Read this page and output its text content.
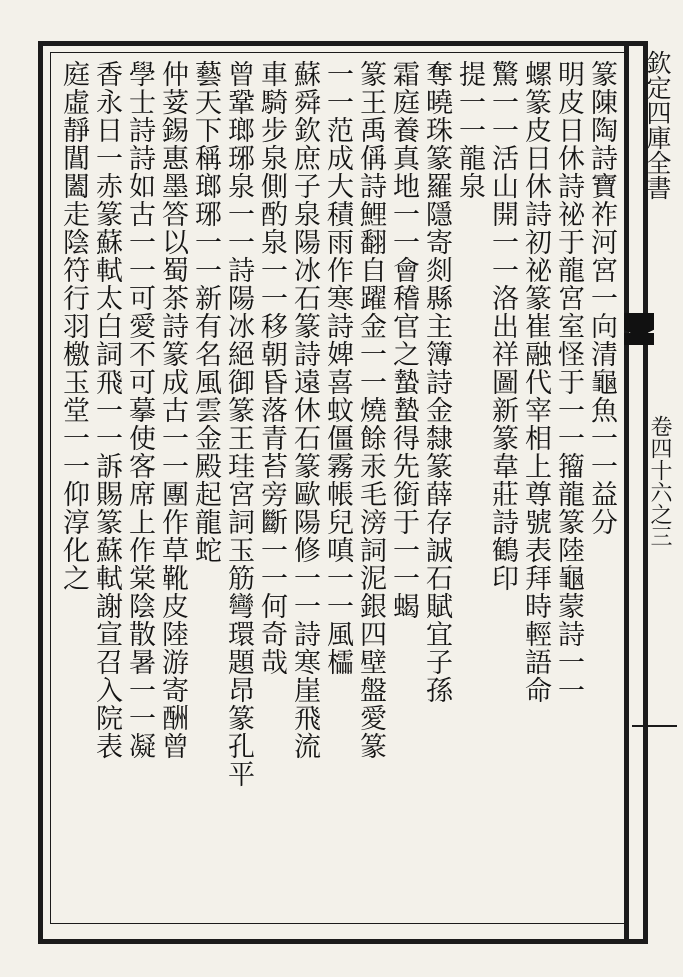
欽定四庫全書
卷四十六之三
篆陳陶詩寶祚河宮一向清龜魚一一益分
明皮日休詩祕于龍宮室怪于一一籀龍篆陸龜蒙詩一一
螺篆皮日休詩初祕篆崔融代宰相上尊號表拜時輕語命
驚一一活山開一一洛出祥圖新篆韋莊詩鶴印
提一一龍泉
奪曉珠篆羅隱寄剡縣主簿詩金隸篆薛存誠石賦宜子孫
霜庭養真地一一會稽官之蟄蟄得先銜于一一蝎
篆王禹偁詩鯉翻自躍金一一燒餘汞毛滂詞泥銀四壁盤愛篆
一一范成大積雨作寒詩婢喜蚊僵霧帳兒嗔一一風櫺
蘇舜欽庶子泉陽冰石篆詩遠休石篆歐陽修一一詩寒崖飛流
車騎步泉側酌泉一一移朝昏落青苔旁斷一一何奇哉
曾鞏瑯琊泉一一詩陽冰絕御篆王珪宮詞玉筋彎環題昂篆孔平
藝天下稱瑯琊一一新有名風雲金殿起龍蛇
仲荽錫惠墨答以蜀茶詩篆成古一一團作草靴皮陸游寄酬曾
學士詩詩如古一一可愛不可摹使客席上作棠陰散暑一一凝
香永日一赤篆蘇軾太白詞飛一一訴賜篆蘇軾謝宣召入院表
庭虛靜閶闔走陰符行羽檄玉堂一一仰淳化之
